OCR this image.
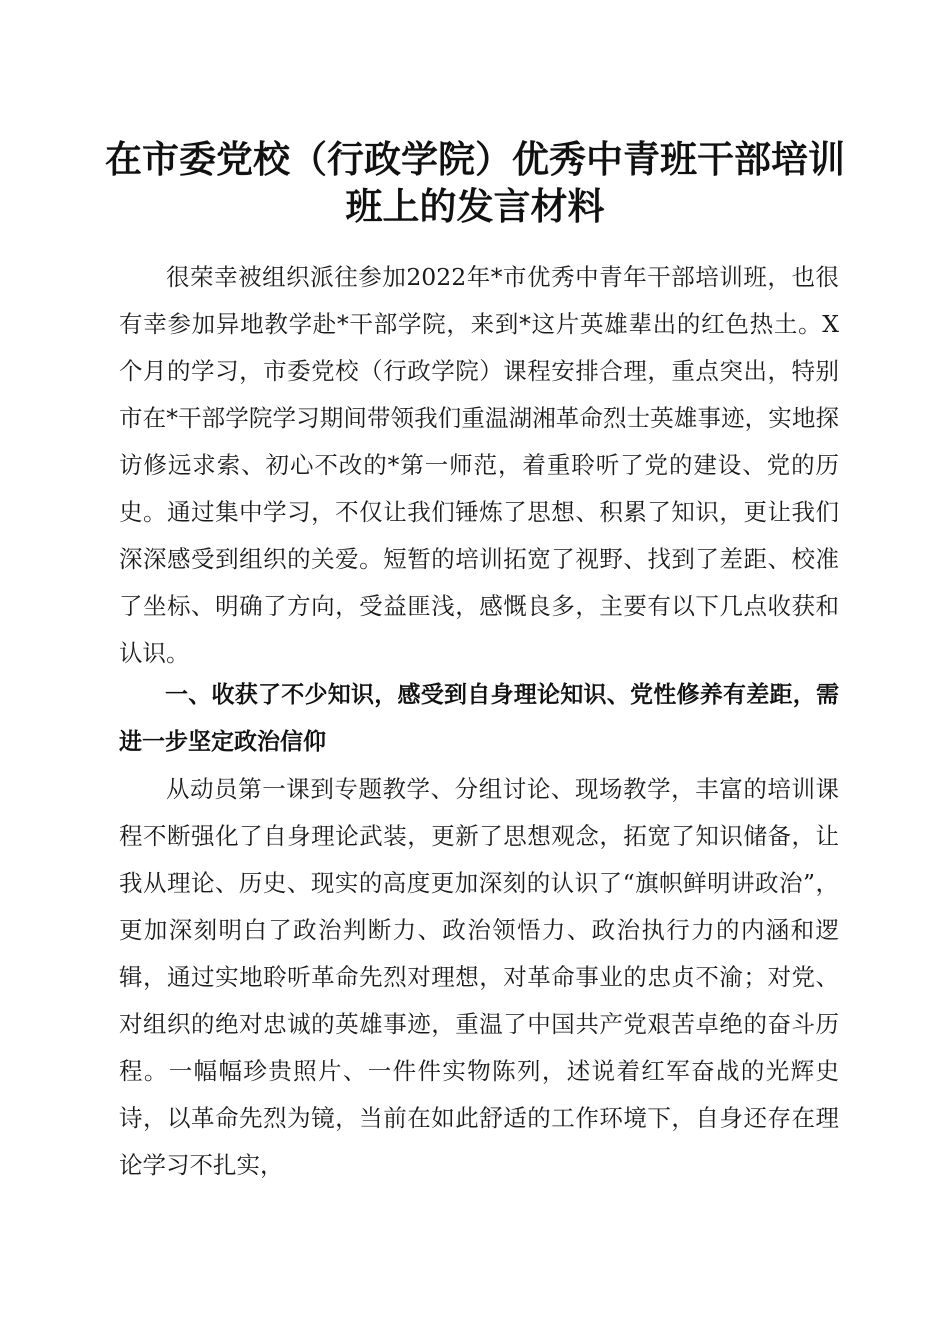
在市委党校（行政学院）优秀中青班干部培训
班上的发言材料

很荣幸被组织派往参加2022年*市优秀中青年干部培训班，也很有幸参加异地教学赴*干部学院，来到*这片英雄辈出的红色热土。X个月的学习，市委党校（行政学院）课程安排合理，重点突出，特别市在*干部学院学习期间带领我们重温湖湘革命烈士英雄事迹，实地探访修远求索、初心不改的*第一师范，着重聆听了党的建设、党的历史。通过集中学习，不仅让我们锤炼了思想、积累了知识，更让我们深深感受到组织的关爱。短暂的培训拓宽了视野、找到了差距、校准了坐标、明确了方向，受益匪浅，感慨良多，主要有以下几点收获和认识。

一、收获了不少知识，感受到自身理论知识、党性修养有差距，需进一步坚定政治信仰

从动员第一课到专题教学、分组讨论、现场教学，丰富的培训课程不断强化了自身理论武装，更新了思想观念，拓宽了知识储备，让我从理论、历史、现实的高度更加深刻的认识了“旗帜鲜明讲政治”，更加深刻明白了政治判断力、政治领悟力、政治执行力的内涵和逻辑，通过实地聆听革命先烈对理想，对革命事业的忠贞不渝；对党、对组织的绝对忠诚的英雄事迹，重温了中国共产党艰苦卓绝的奋斗历程。一幅幅珍贵照片、一件件实物陈列，述说着红军奋战的光辉史诗，以革命先烈为镜，当前在如此舒适的工作环境下，自身还存在理论学习不扎实，
